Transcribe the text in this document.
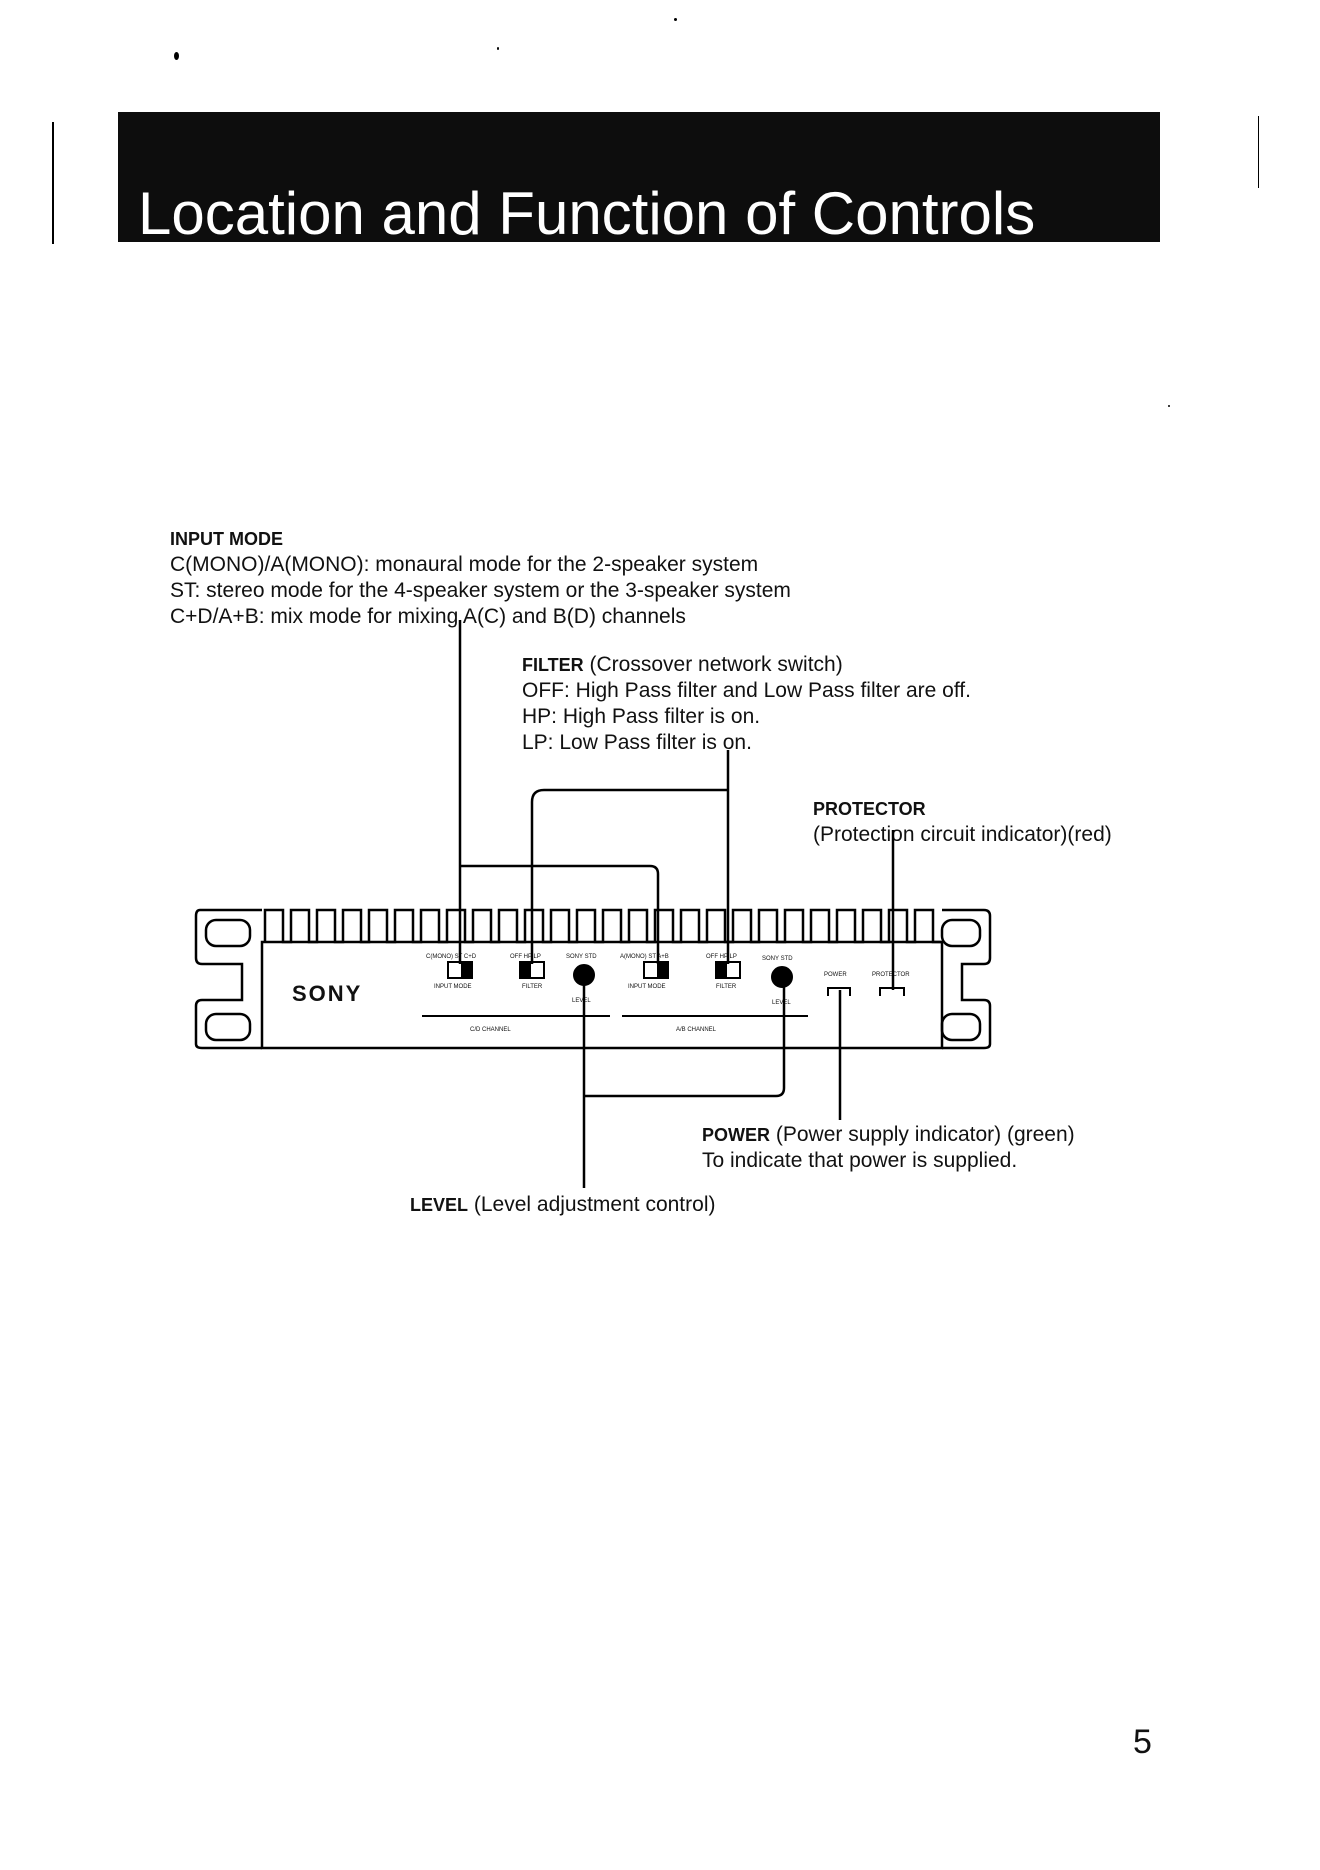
Location and Function of Controls
INPUT MODE
C(MONO)/A(MONO): monaural mode for the 2-speaker system
ST: stereo mode for the 4-speaker system or the 3-speaker system
C+D/A+B: mix mode for mixing A(C) and B(D) channels
FILTER (Crossover network switch)
OFF: High Pass filter and Low Pass filter are off.
HP: High Pass filter is on.
LP: Low Pass filter is on.
PROTECTOR
(Protection circuit indicator)(red)
POWER (Power supply indicator) (green)
To indicate that power is supplied.
LEVEL (Level adjustment control)
SONY
C/D CHANNEL	A/B CHANNEL
C(MONO) ST C+D
INPUT MODE
OFF HP LP
FILTER
SONY STD
LEVEL
A(MONO) ST A+B
INPUT MODE
OFF HP LP
FILTER
SONY STD
LEVEL
POWER	PROTECTOR
5
